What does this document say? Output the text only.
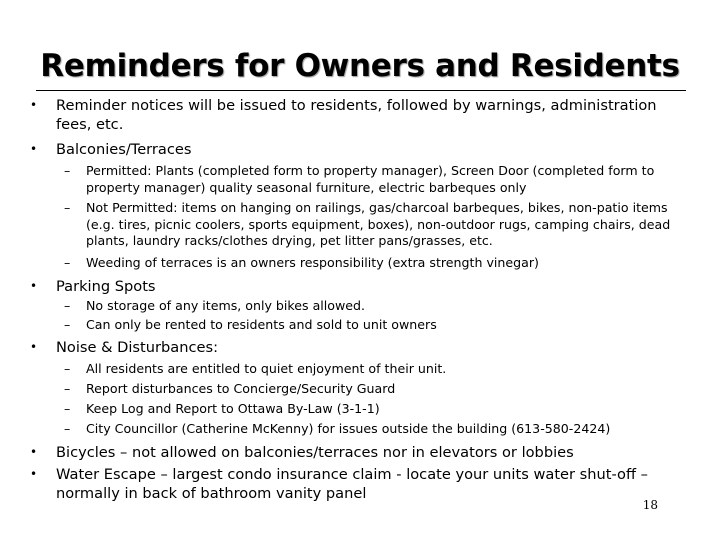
Reminders for Owners and Residents
• Reminder notices will be issued to residents, followed by warnings, administration fees, etc.
• Balconies/Terraces
– Permitted: Plants (completed form to property manager), Screen Door (completed form to property manager) quality seasonal furniture, electric barbeques only
– Not Permitted: items on hanging on railings, gas/charcoal barbeques, bikes, non-patio items (e.g. tires, picnic coolers, sports equipment, boxes), non-outdoor rugs, camping chairs, dead plants, laundry racks/clothes drying, pet litter pans/grasses, etc.
– Weeding of terraces is an owners responsibility (extra strength vinegar)
• Parking Spots
– No storage of any items, only bikes allowed.
– Can only be rented to residents and sold to unit owners
• Noise & Disturbances:
– All residents are entitled to quiet enjoyment of their unit.
– Report disturbances to Concierge/Security Guard
– Keep Log and Report to Ottawa By-Law (3-1-1)
– City Councillor (Catherine McKenny) for issues outside the building (613-580-2424)
• Bicycles – not allowed on balconies/terraces nor in elevators or lobbies
• Water Escape – largest condo insurance claim - locate your units water shut-off – normally in back of bathroom vanity panel
18
